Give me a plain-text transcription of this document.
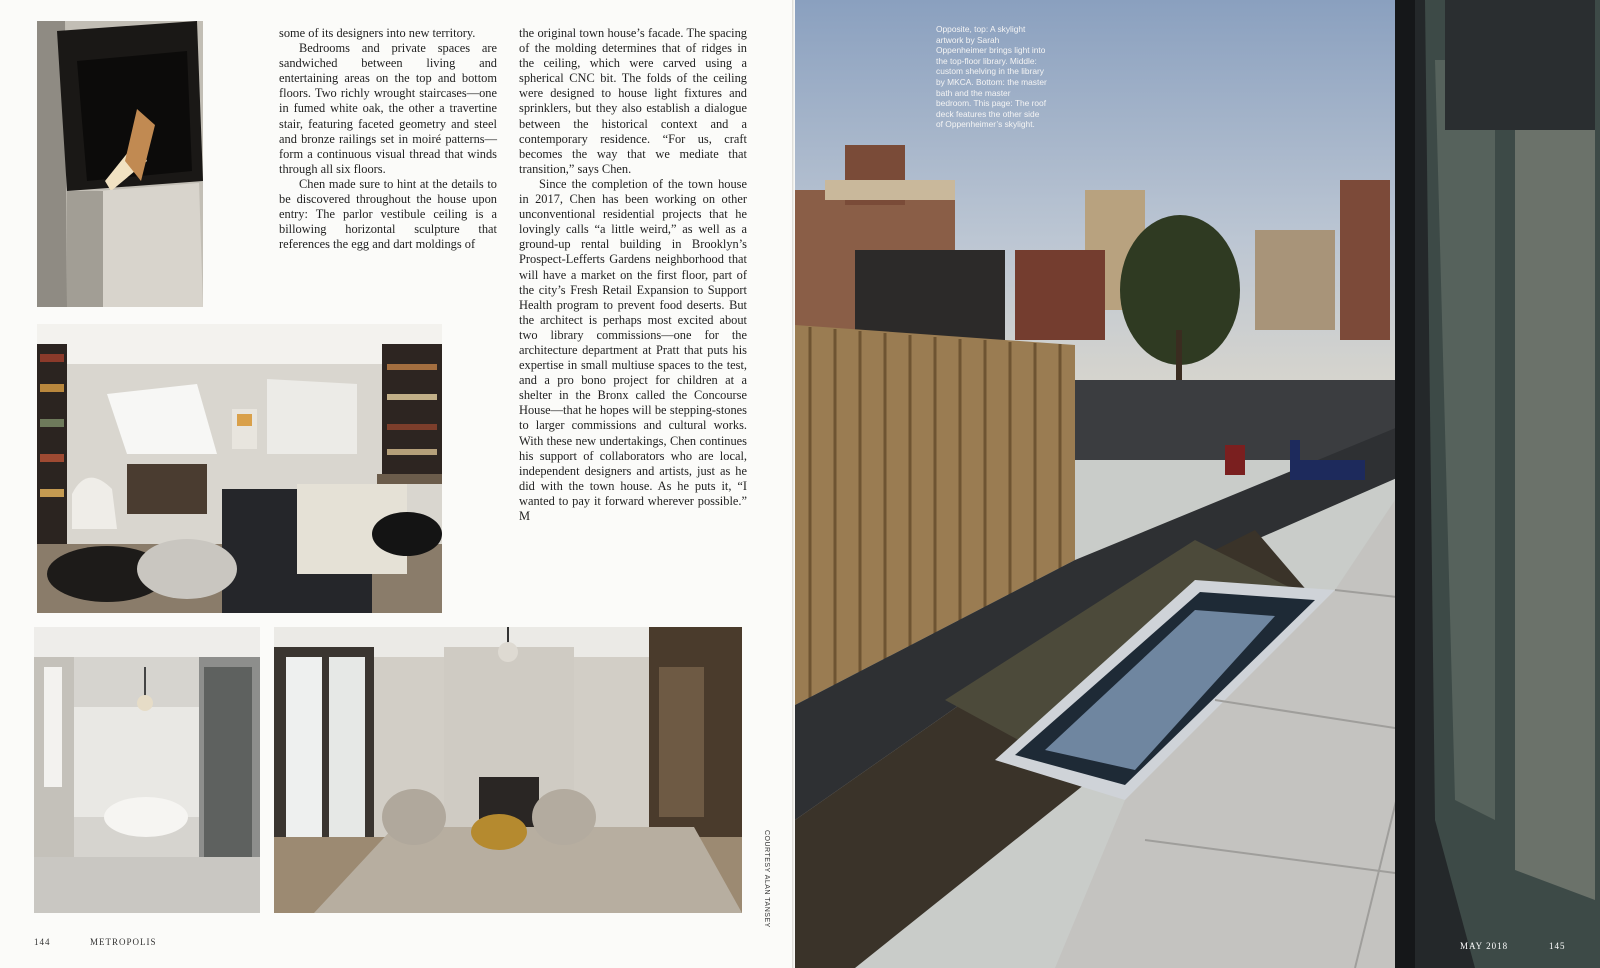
some of its designers into new territory.

Bedrooms and private spaces are sandwiched between living and entertaining areas on the top and bottom floors. Two richly wrought staircases—one in fumed white oak, the other a travertine stair, featuring faceted geometry and steel and bronze railings set in moiré patterns—form a continuous visual thread that winds through all six floors.

Chen made sure to hint at the details to be discovered throughout the house upon entry: The parlor vestibule ceiling is a billowing horizontal sculpture that references the egg and dart moldings of

the original town house’s facade. The spacing of the molding determines that of ridges in the ceiling, which were carved using a spherical CNC bit. The folds of the ceiling were designed to house light fixtures and sprinklers, but they also establish a dialogue between the historical context and a contemporary residence. “For us, craft becomes the way that we mediate that transition,” says Chen.

Since the completion of the town house in 2017, Chen has been working on other unconventional residential projects that he lovingly calls “a little weird,” as well as a ground-up rental building in Brooklyn’s Prospect-Lefferts Gardens neighborhood that will have a market on the first floor, part of the city’s Fresh Retail Expansion to Support Health program to prevent food deserts. But the architect is perhaps most excited about two library commissions—one for the architecture department at Pratt that puts his expertise in small multiuse spaces to the test, and a pro bono project for children at a shelter in the Bronx called the Concourse House—that he hopes will be stepping-stones to larger commissions and cultural works. With these new undertakings, Chen continues his support of collaborators who are local, independent designers and artists, just as he did with the town house. As he puts it, “I wanted to pay it forward wherever possible.” M

COURTESY ALAN TANSEY
144	METROPOLIS

Opposite, top: A skylight artwork by Sarah Oppenheimer brings light into the top-floor library. Middle: custom shelving in the library by MKCA. Bottom: the master bath and the master bedroom. This page: The roof deck features the other side of Oppenheimer’s skylight.

MAY 2018	145
